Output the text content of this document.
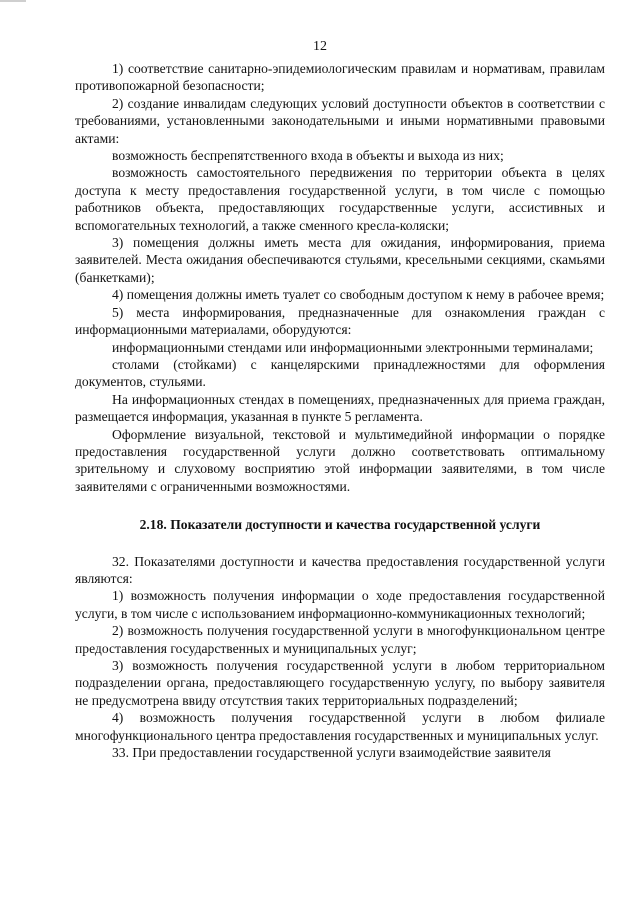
12

1) соответствие санитарно-эпидемиологическим правилам и нормативам, правилам противопожарной безопасности;

2) создание инвалидам следующих условий доступности объектов в соответствии с требованиями, установленными законодательными и иными нормативными правовыми актами:

возможность беспрепятственного входа в объекты и выхода из них;

возможность самостоятельного передвижения по территории объекта в целях доступа к месту предоставления государственной услуги, в том числе с помощью работников объекта, предоставляющих государственные услуги, ассистивных и вспомогательных технологий, а также сменного кресла-коляски;

3) помещения должны иметь места для ожидания, информирования, приема заявителей. Места ожидания обеспечиваются стульями, кресельными секциями, скамьями (банкетками);

4) помещения должны иметь туалет со свободным доступом к нему в рабочее время;

5) места информирования, предназначенные для ознакомления граждан с информационными материалами, оборудуются:

информационными стендами или информационными электронными терминалами;

столами (стойками) с канцелярскими принадлежностями для оформления документов, стульями.

На информационных стендах в помещениях, предназначенных для приема граждан, размещается информация, указанная в пункте 5 регламента.

Оформление визуальной, текстовой и мультимедийной информации о порядке предоставления государственной услуги должно соответствовать оптимальному зрительному и слуховому восприятию этой информации заявителями, в том числе заявителями с ограниченными возможностями.

2.18. Показатели доступности и качества государственной услуги

32. Показателями доступности и качества предоставления государственной услуги являются:

1) возможность получения информации о ходе предоставления государственной услуги, в том числе с использованием информационно-коммуникационных технологий;

2) возможность получения государственной услуги в многофункциональном центре предоставления государственных и муниципальных услуг;

3) возможность получения государственной услуги в любом территориальном подразделении органа, предоставляющего государственную услугу, по выбору заявителя не предусмотрена ввиду отсутствия таких территориальных подразделений;

4) возможность получения государственной услуги в любом филиале многофункционального центра предоставления государственных и муниципальных услуг.

33. При предоставлении государственной услуги взаимодействие заявителя
